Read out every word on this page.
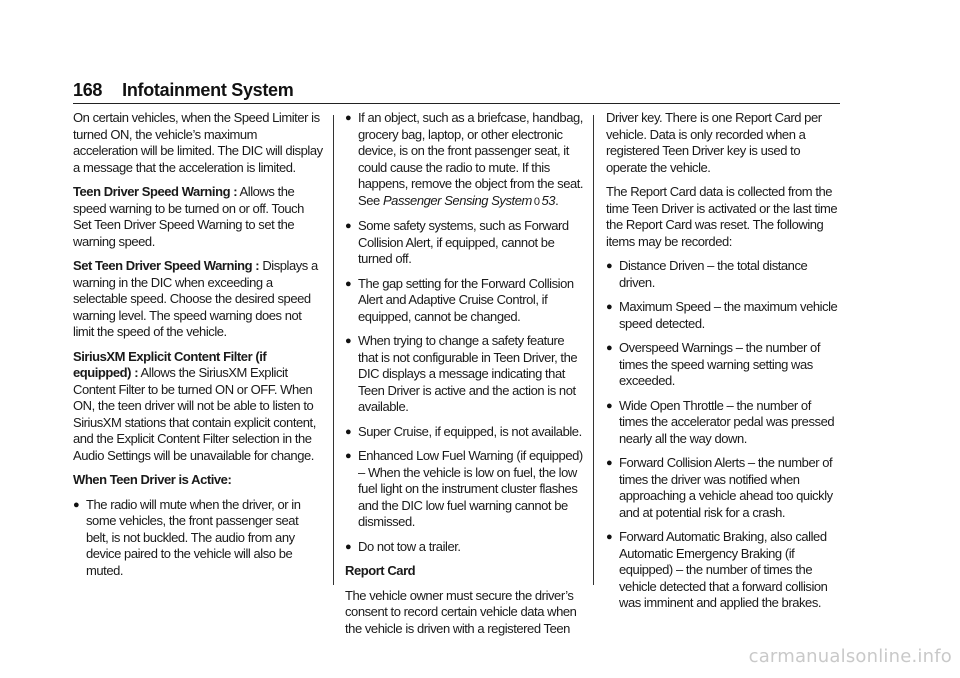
168 Infotainment System

On certain vehicles, when the Speed Limiter is turned ON, the vehicle’s maximum acceleration will be limited. The DIC will display a message that the acceleration is limited.

Teen Driver Speed Warning : Allows the speed warning to be turned on or off. Touch Set Teen Driver Speed Warning to set the warning speed.

Set Teen Driver Speed Warning : Displays a warning in the DIC when exceeding a selectable speed. Choose the desired speed warning level. The speed warning does not limit the speed of the vehicle.

SiriusXM Explicit Content Filter (if equipped) : Allows the SiriusXM Explicit Content Filter to be turned ON or OFF. When ON, the teen driver will not be able to listen to SiriusXM stations that contain explicit content, and the Explicit Content Filter selection in the Audio Settings will be unavailable for change.

When Teen Driver is Active:
● The radio will mute when the driver, or in some vehicles, the front passenger seat belt, is not buckled. The audio from any device paired to the vehicle will also be muted.
● If an object, such as a briefcase, handbag, grocery bag, laptop, or other electronic device, is on the front passenger seat, it could cause the radio to mute. If this happens, remove the object from the seat. See Passenger Sensing System 0 53.
● Some safety systems, such as Forward Collision Alert, if equipped, cannot be turned off.
● The gap setting for the Forward Collision Alert and Adaptive Cruise Control, if equipped, cannot be changed.
● When trying to change a safety feature that is not configurable in Teen Driver, the DIC displays a message indicating that Teen Driver is active and the action is not available.
● Super Cruise, if equipped, is not available.
● Enhanced Low Fuel Warning (if equipped) – When the vehicle is low on fuel, the low fuel light on the instrument cluster flashes and the DIC low fuel warning cannot be dismissed.
● Do not tow a trailer.
Report Card

The vehicle owner must secure the driver’s consent to record certain vehicle data when the vehicle is driven with a registered Teen

Driver key. There is one Report Card per vehicle. Data is only recorded when a registered Teen Driver key is used to operate the vehicle.

The Report Card data is collected from the time Teen Driver is activated or the last time the Report Card was reset. The following items may be recorded:

● Distance Driven – the total distance driven.
● Maximum Speed – the maximum vehicle speed detected.
● Overspeed Warnings – the number of times the speed warning setting was exceeded.
● Wide Open Throttle – the number of times the accelerator pedal was pressed nearly all the way down.
● Forward Collision Alerts – the number of times the driver was notified when approaching a vehicle ahead too quickly and at potential risk for a crash.
● Forward Automatic Braking, also called Automatic Emergency Braking (if equipped) – the number of times the vehicle detected that a forward collision was imminent and applied the brakes.
carmanualsonline.info
